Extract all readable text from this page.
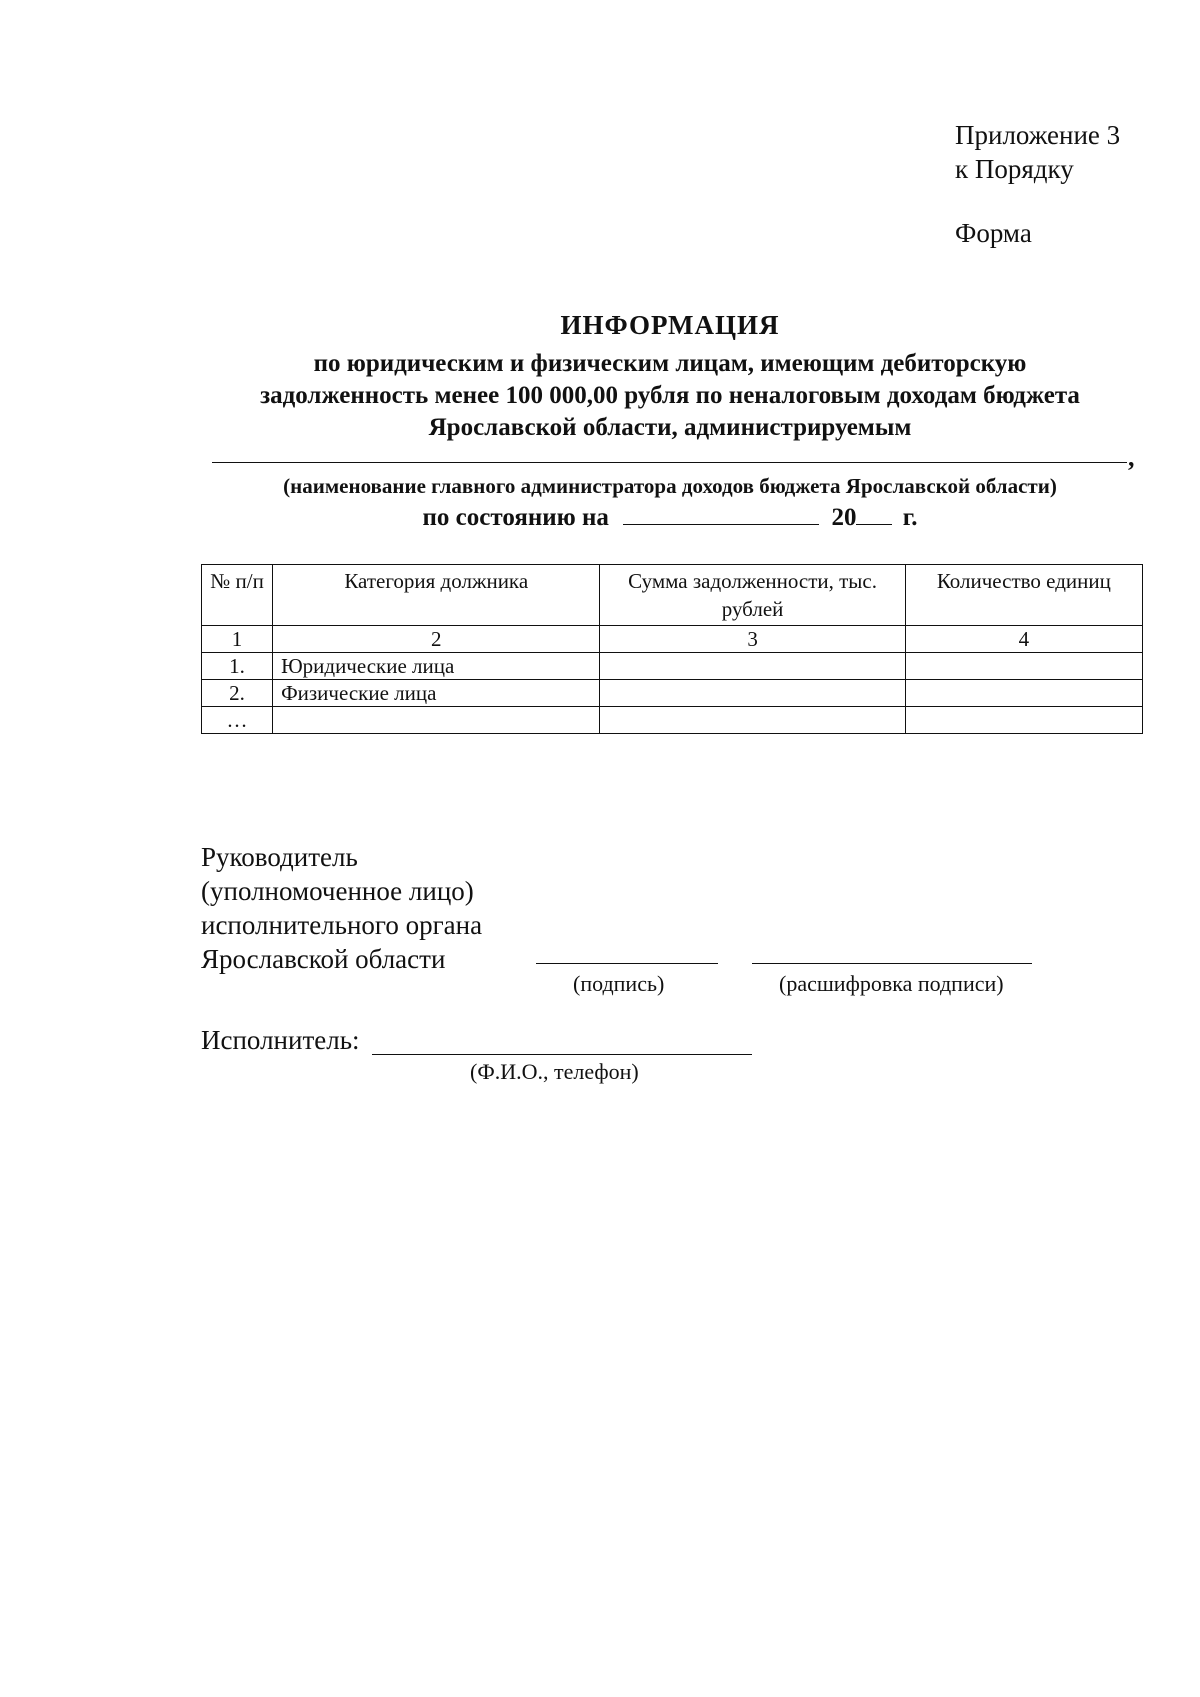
Приложение 3
к Порядку
Форма
ИНФОРМАЦИЯ
по юридическим и физическим лицам, имеющим дебиторскую
задолженность менее 100 000,00 рубля по неналоговым доходам бюджета
Ярославской области, администрируемым
,
(наименование главного администратора доходов бюджета Ярославской области)
по состоянию на	20 г.
№ п/п	Категория должника	Сумма задолженности, тыс. рублей	Количество единиц
1	2	3	4
1.	Юридические лица		
2.	Физические лица		
…			
Руководитель
(уполномоченное лицо)
исполнительного органа
Ярославской области
(подпись)	(расшифровка подписи)
Исполнитель:
(Ф.И.О., телефон)
